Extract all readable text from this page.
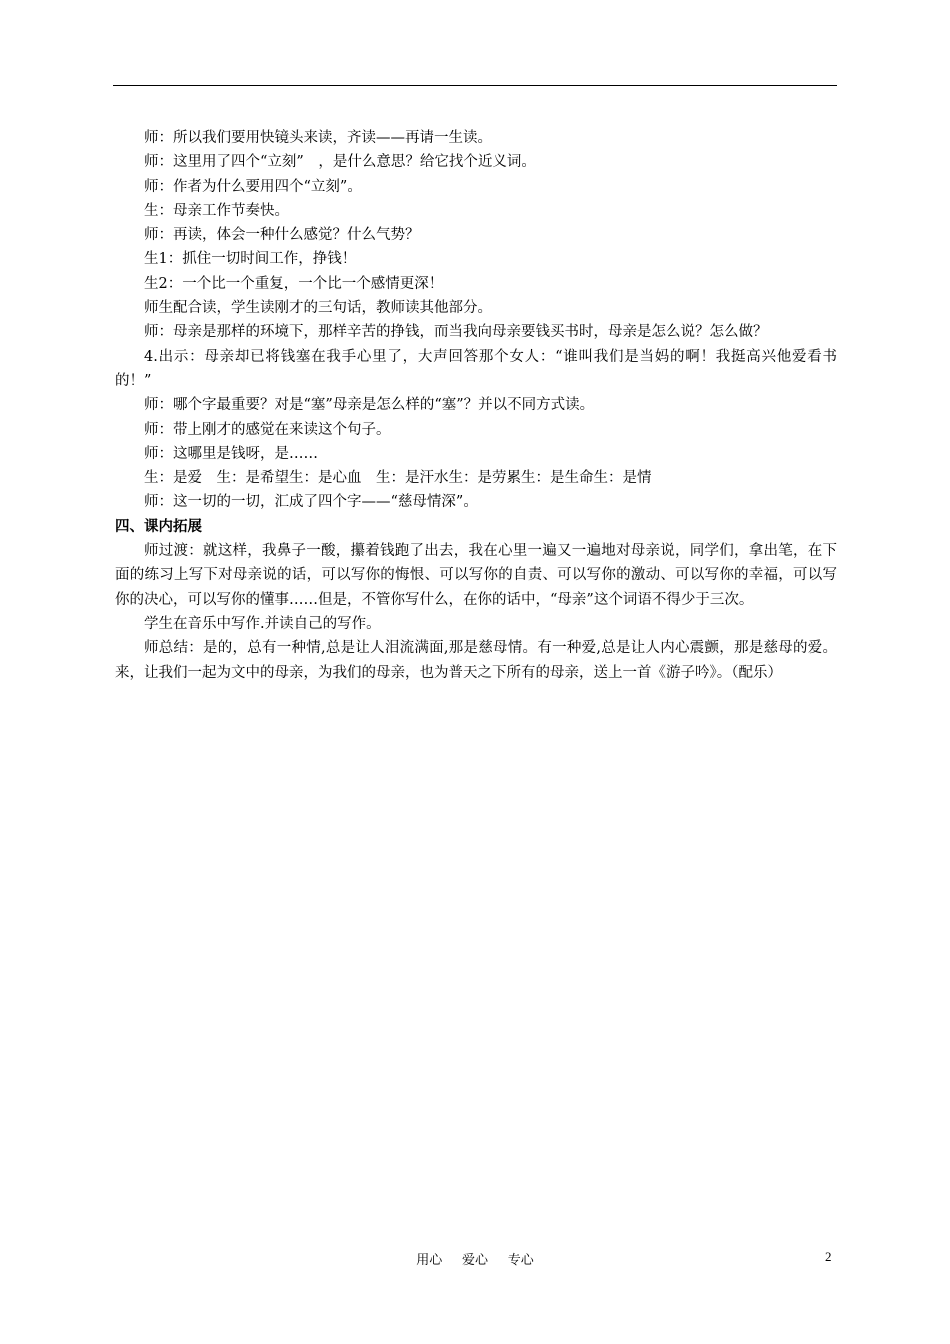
师：所以我们要用快镜头来读，齐读——再请一生读。

师：这里用了四个“立刻”　，是什么意思？给它找个近义词。

师：作者为什么要用四个“立刻”。

生：母亲工作节奏快。

师：再读，体会一种什么感觉？什么气势？

生1：抓住一切时间工作，挣钱！

生2：一个比一个重复，一个比一个感情更深！

师生配合读，学生读刚才的三句话，教师读其他部分。

师：母亲是那样的环境下，那样辛苦的挣钱，而当我向母亲要钱买书时，母亲是怎么说？怎么做？

4.出示：母亲却已将钱塞在我手心里了，大声回答那个女人：“谁叫我们是当妈的啊！我挺高兴他爱看书的！”

师：哪个字最重要？对是“塞”母亲是怎么样的“塞”？并以不同方式读。

师：带上刚才的感觉在来读这个句子。

师：这哪里是钱呀，是……

生：是爱　生：是希望生：是心血　生：是汗水生：是劳累生：是生命生：是情

师：这一切的一切，汇成了四个字——“慈母情深”。

四、课内拓展

师过渡：就这样，我鼻子一酸，攥着钱跑了出去，我在心里一遍又一遍地对母亲说，同学们，拿出笔，在下面的练习上写下对母亲说的话，可以写你的悔恨、可以写你的自责、可以写你的激动、可以写你的幸福，可以写你的决心，可以写你的懂事……但是，不管你写什么，在你的话中，“母亲”这个词语不得少于三次。

学生在音乐中写作.并读自己的写作。

师总结：是的，总有一种情,总是让人泪流满面,那是慈母情。有一种爱,总是让人内心震颤，那是慈母的爱。来，让我们一起为文中的母亲，为我们的母亲，也为普天之下所有的母亲，送上一首《游子吟》。（配乐）

用心 爱心 专心	2
